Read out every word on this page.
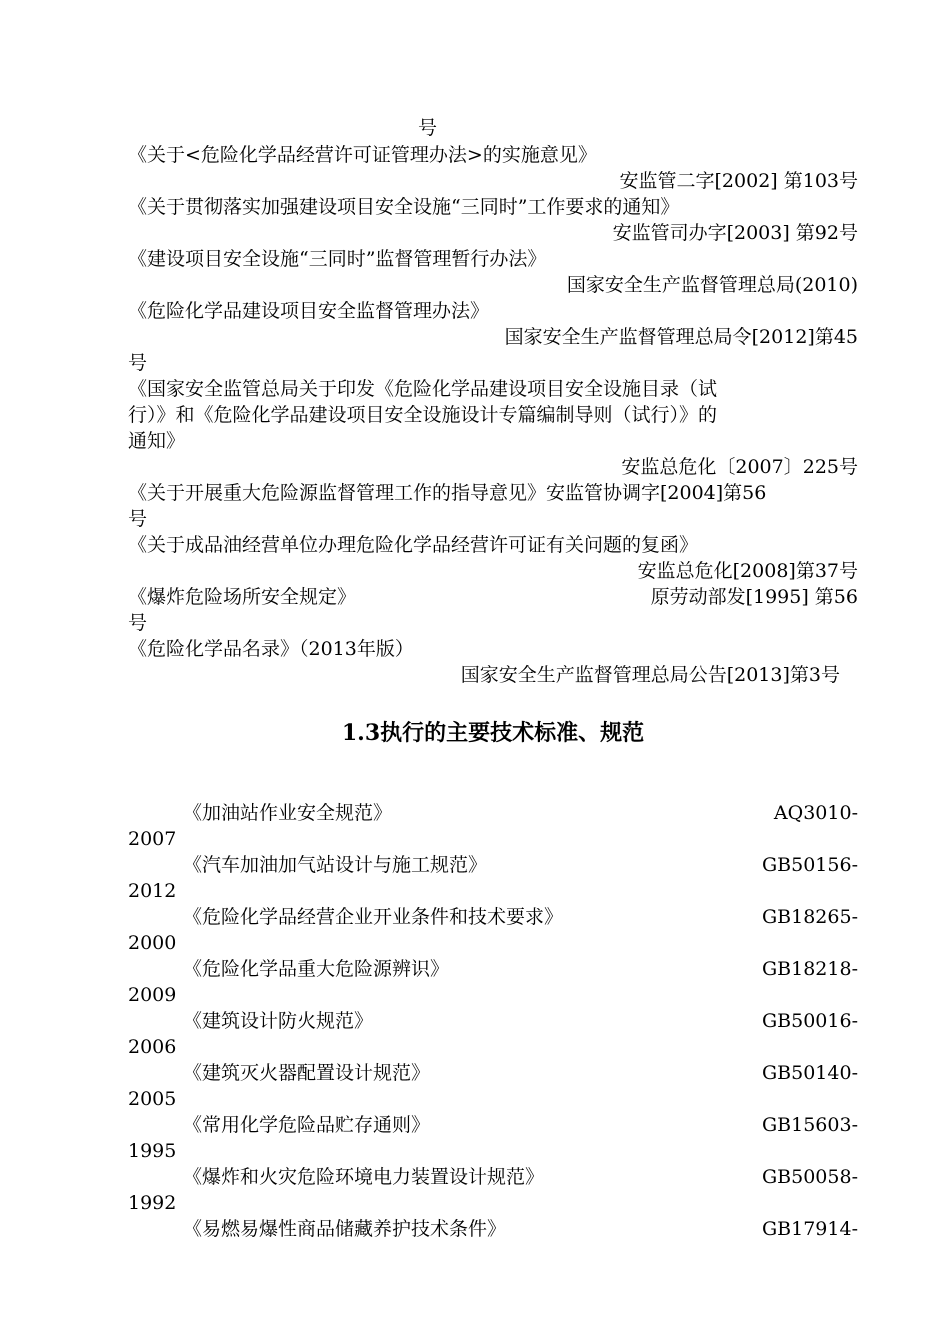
号
《关于<危险化学品经营许可证管理办法>的实施意见》
安监管二字[2002] 第103号
《关于贯彻落实加强建设项目安全设施“三同时”工作要求的通知》
安监管司办字[2003] 第92号
《建设项目安全设施“三同时”监督管理暂行办法》
国家安全生产监督管理总局(2010)
《危险化学品建设项目安全监督管理办法》
国家安全生产监督管理总局令[2012]第45
号
《国家安全监管总局关于印发《危险化学品建设项目安全设施目录（试
行）》和《危险化学品建设项目安全设施设计专篇编制导则（试行）》的
通知》
安监总危化〔2007〕225号
《关于开展重大危险源监督管理工作的指导意见》安监管协调字[2004]第56
号
《关于成品油经营单位办理危险化学品经营许可证有关问题的复函》
安监总危化[2008]第37号
《爆炸危险场所安全规定》	原劳动部发[1995] 第56
号
《危险化学品名录》（2013年版）
国家安全生产监督管理总局公告[2013]第3号
1.3执行的主要技术标准、规范
《加油站作业安全规范》	AQ3010-
2007
《汽车加油加气站设计与施工规范》	GB50156-
2012
《危险化学品经营企业开业条件和技术要求》	GB18265-
2000
《危险化学品重大危险源辨识》	GB18218-
2009
《建筑设计防火规范》	GB50016-
2006
《建筑灭火器配置设计规范》	GB50140-
2005
《常用化学危险品贮存通则》	GB15603-
1995
《爆炸和火灾危险环境电力装置设计规范》	GB50058-
1992
《易燃易爆性商品储藏养护技术条件》	GB17914-
